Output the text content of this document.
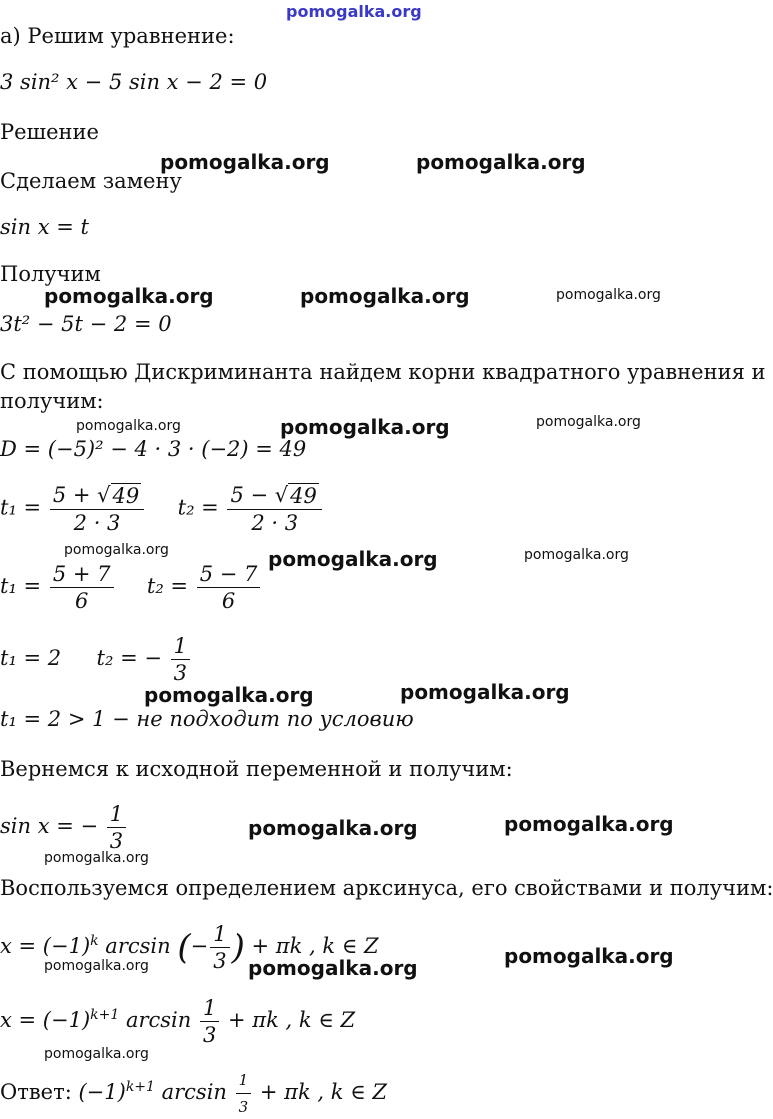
pomogalka.org
а) Решим уравнение:
3 sin² x − 5 sin x − 2 = 0
Решение
Сделаем замену
sin x = t
Получим
3t² − 5t − 2 = 0
С помощью Дискриминанта найдем корни квадратного уравнения и
получим:
D = (−5)² − 4 · 3 · (−2) = 49
$t_1 = \frac{5 + √ 49}{2 \cdot 3} t_2 = \frac{5 - √ 49}{2 \cdot 3}$
$t_1 = \frac{5 + 7}{6} t_2 = \frac{5 - 7}{6}$
t₁ = 2 t₂ = − $\frac{1}{3}$
t₁ = 2 > 1 − не подходит по условию
Вернемся к исходной переменной и получим:
sin x = − $\frac{1}{3}$
Воспользуемся определением арксинуса, его свойствами и получим:
$x = (-1)^k$ arcsin (− $\frac{1}{3}$ ) + πk , k ∈ Z
$x = (-1)^{k+1}$ $\arcsin \frac{1}{3} + \pi k$ , k ∈ Z
Ответ: $(-1)^{k+1}$ $\arcsin \frac{1}{3} + \pi k$ , k ∈ Z
pomogalka.org	pomogalka.org
pomogalka.org	pomogalka.org	pomogalka.org
pomogalka.org	pomogalka.org	pomogalka.org
pomogalka.org	pomogalka.org	pomogalka.org
pomogalka.org	pomogalka.org
pomogalka.org	pomogalka.org
pomogalka.org
pomogalka.org	pomogalka.org	pomogalka.org
pomogalka.org
